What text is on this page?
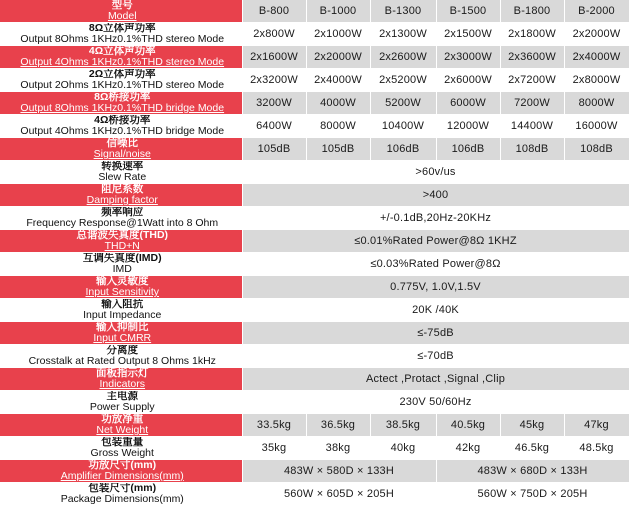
型号
Model	B-800	B-1000	B-1300	B-1500	B-1800	B-2000

8Ω立体声功率
Output 8Ohms 1KHz0.1%THD stereo Mode	2x800W	2x1000W	2x1300W	2x1500W	2x1800W	2x2000W

4Ω立体声功率
Output 4Ohms 1KHz0.1%THD stereo Mode	2x1600W	2x2000W	2x2600W	2x3000W	2x3600W	2x4000W

2Ω立体声功率
Output 2Ohms 1KHz0.1%THD stereo Mode	2x3200W	2x4000W	2x5200W	2x6000W	2x7200W	2x8000W

8Ω桥接功率
Output 8Ohms 1KHz0.1%THD bridge Mode	3200W	4000W	5200W	6000W	7200W	8000W

4Ω桥接功率
Output 4Ohms 1KHz0.1%THD bridge Mode	6400W	8000W	10400W	12000W	14400W	16000W

信噪比
Signal/noise	105dB	105dB	106dB	106dB	108dB	108dB

转换速率
Slew Rate	>60v/us					

阻尼系数
Damping factor	>400					

频率响应
Frequency Response@1Watt into 8 Ohm	+/-0.1dB,20Hz-20KHz					

总谐波失真度(THD)
THD+N	≤0.01%Rated Power@8Ω 1KHZ					

互调失真度(IMD)
IMD	≤0.03%Rated Power@8Ω					

输入灵敏度
Input Sensitivity	0.775V, 1.0V,1.5V					

输入阻抗
Input Impedance	20K /40K					

输入抑制比
Input CMRR	≤-75dB					

分离度
Crosstalk at Rated Output 8 Ohms 1kHz	≤-70dB					

面板指示灯
Indicators	Actect ,Protact ,Signal ,Clip					

主电源
Power Supply	230V 50/60Hz					

功放净重
Net Weight	33.5kg	36.5kg	38.5kg	40.5kg	45kg	47kg

包装重量
Gross Weight	35kg	38kg	40kg	42kg	46.5kg	48.5kg

功放尺寸(mm)
Amplifier Dimensions(mm)	483W × 580D × 133H			483W × 680D × 133H		

包装尺寸(mm)
Package Dimensions(mm)	560W × 605D × 205H			560W × 750D × 205H		
